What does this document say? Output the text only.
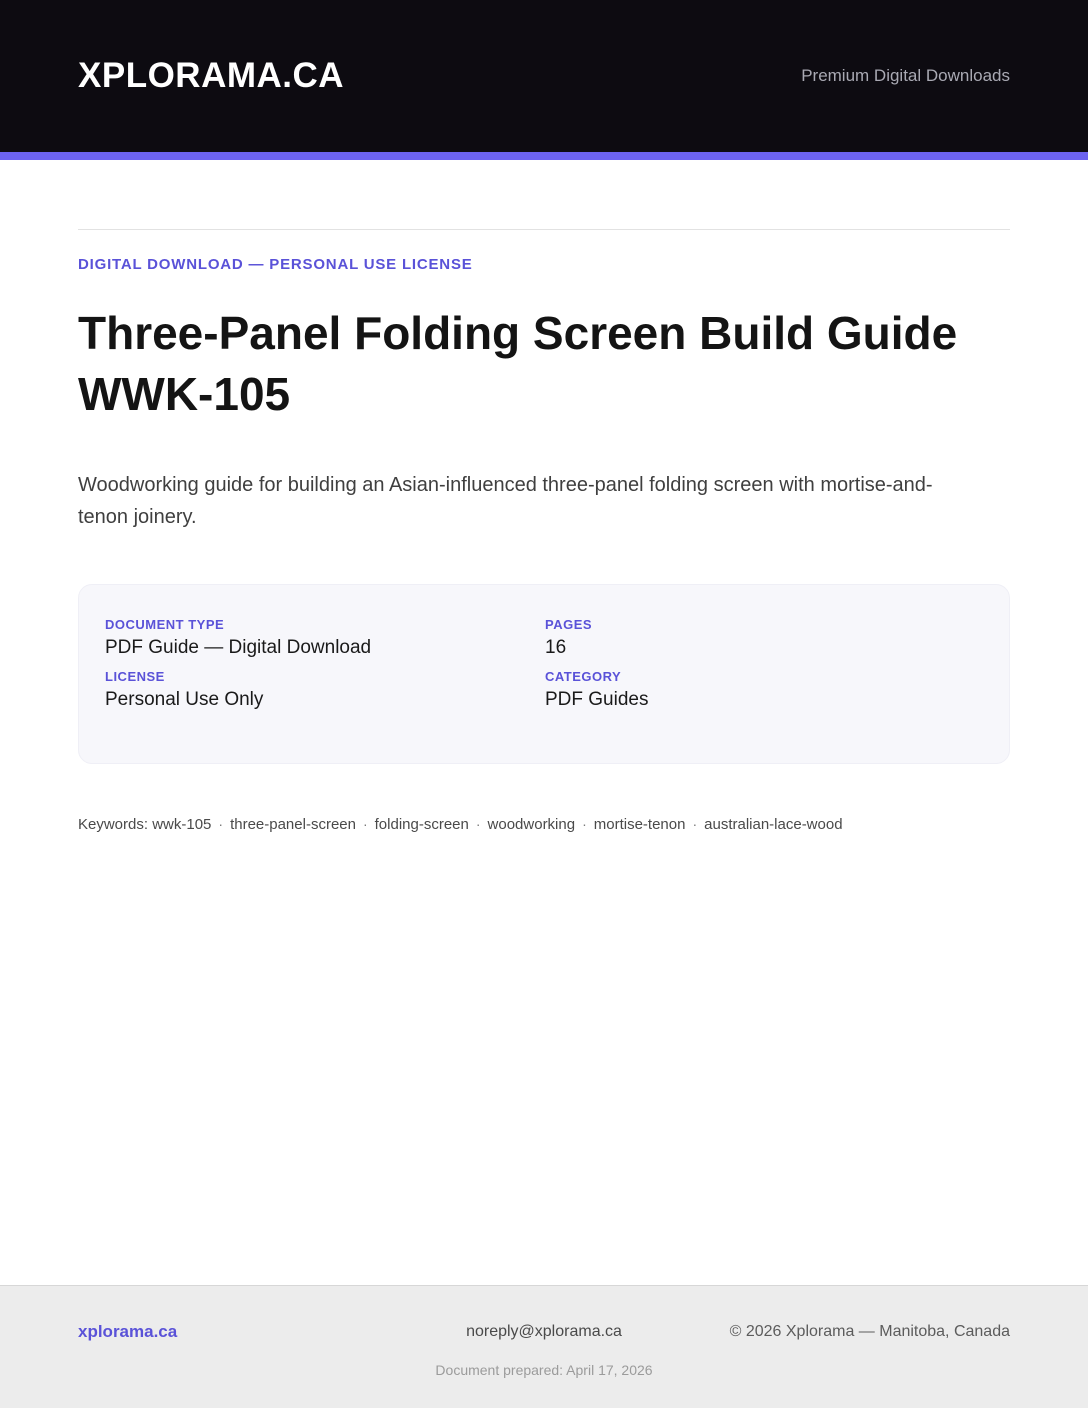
XPLORAMA.CA	Premium Digital Downloads
DIGITAL DOWNLOAD — PERSONAL USE LICENSE
Three-Panel Folding Screen Build Guide WWK-105

Woodworking guide for building an Asian-influenced three-panel folding screen with mortise-and-tenon joinery.

DOCUMENT TYPE
PDF Guide — Digital Download
PAGES
16
LICENSE
Personal Use Only
CATEGORY
PDF Guides
Keywords: wwk-105 · three-panel-screen · folding-screen · woodworking · mortise-tenon · australian-lace-wood
xplorama.ca	noreply@xplorama.ca	© 2026 Xplorama — Manitoba, Canada
Document prepared: April 17, 2026
